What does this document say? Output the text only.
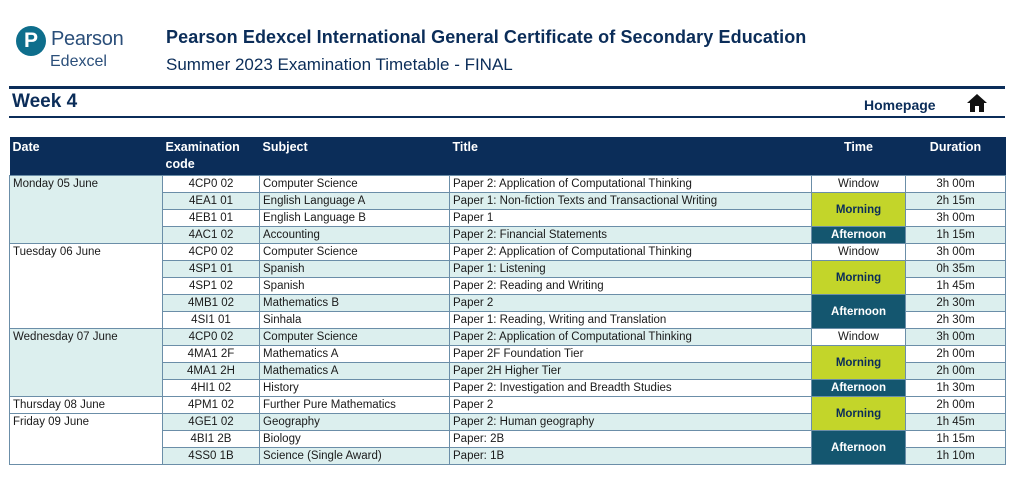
P Pearson
Edexcel
Pearson Edexcel International General Certificate of Secondary Education
Summer 2023 Examination Timetable - FINAL
Week 4	Homepage
Date	Examination code	Subject	Title	Time	Duration
Monday 05 June	4CP0 02	Computer Science	Paper 2: Application of Computational Thinking	Window	3h 00m
	4EA1 01	English Language A	Paper 1: Non-fiction Texts and Transactional Writing	Morning	2h 15m
	4EB1 01	English Language B	Paper 1		3h 00m
	4AC1 02	Accounting	Paper 2: Financial Statements	Afternoon	1h 15m
Tuesday 06 June	4CP0 02	Computer Science	Paper 2: Application of Computational Thinking	Window	3h 00m
	4SP1 01	Spanish	Paper 1: Listening	Morning	0h 35m
	4SP1 02	Spanish	Paper 2: Reading and Writing		1h 45m
	4MB1 02	Mathematics B	Paper 2	Afternoon	2h 30m
	4SI1 01	Sinhala	Paper 1: Reading, Writing and Translation		2h 30m
Wednesday 07 June	4CP0 02	Computer Science	Paper 2: Application of Computational Thinking	Window	3h 00m
	4MA1 2F	Mathematics A	Paper 2F Foundation Tier	Morning	2h 00m
	4MA1 2H	Mathematics A	Paper 2H Higher Tier		2h 00m
	4HI1 02	History	Paper 2: Investigation and Breadth Studies	Afternoon	1h 30m
Thursday 08 June	4PM1 02	Further Pure Mathematics	Paper 2	Morning	2h 00m
Friday 09 June	4GE1 02	Geography	Paper 2: Human geography		1h 45m
	4BI1 2B	Biology	Paper: 2B	Afternoon	1h 15m
	4SS0 1B	Science (Single Award)	Paper: 1B		1h 10m
